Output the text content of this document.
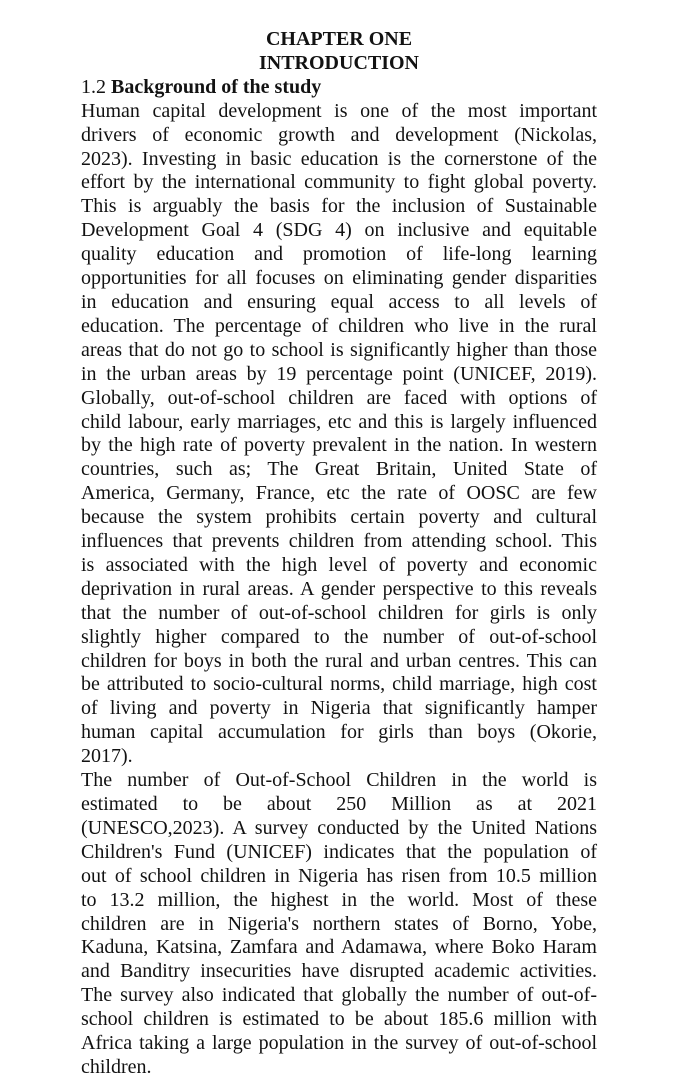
CHAPTER ONE
INTRODUCTION
1.2 Background of the study
Human capital development is one of the most important
drivers of economic growth and development (Nickolas,
2023). Investing in basic education is the cornerstone of the
effort by the international community to fight global poverty.
This is arguably the basis for the inclusion of Sustainable
Development Goal 4 (SDG 4) on inclusive and equitable
quality education and promotion of life-long learning
opportunities for all focuses on eliminating gender disparities
in education and ensuring equal access to all levels of
education. The percentage of children who live in the rural
areas that do not go to school is significantly higher than those
in the urban areas by 19 percentage point (UNICEF, 2019).
Globally, out-of-school children are faced with options of
child labour, early marriages, etc and this is largely influenced
by the high rate of poverty prevalent in the nation. In western
countries, such as; The Great Britain, United State of
America, Germany, France, etc the rate of OOSC are few
because the system prohibits certain poverty and cultural
influences that prevents children from attending school. This
is associated with the high level of poverty and economic
deprivation in rural areas. A gender perspective to this reveals
that the number of out-of-school children for girls is only
slightly higher compared to the number of out-of-school
children for boys in both the rural and urban centres. This can
be attributed to socio-cultural norms, child marriage, high cost
of living and poverty in Nigeria that significantly hamper
human capital accumulation for girls than boys (Okorie,
2017).
The number of Out-of-School Children in the world is
estimated to be about 250 Million as at 2021
(UNESCO,2023). A survey conducted by the United Nations
Children's Fund (UNICEF) indicates that the population of
out of school children in Nigeria has risen from 10.5 million
to 13.2 million, the highest in the world. Most of these
children are in Nigeria's northern states of Borno, Yobe,
Kaduna, Katsina, Zamfara and Adamawa, where Boko Haram
and Banditry insecurities have disrupted academic activities.
The survey also indicated that globally the number of out-of-
school children is estimated to be about 185.6 million with
Africa taking a large population in the survey of out-of-school
children.
